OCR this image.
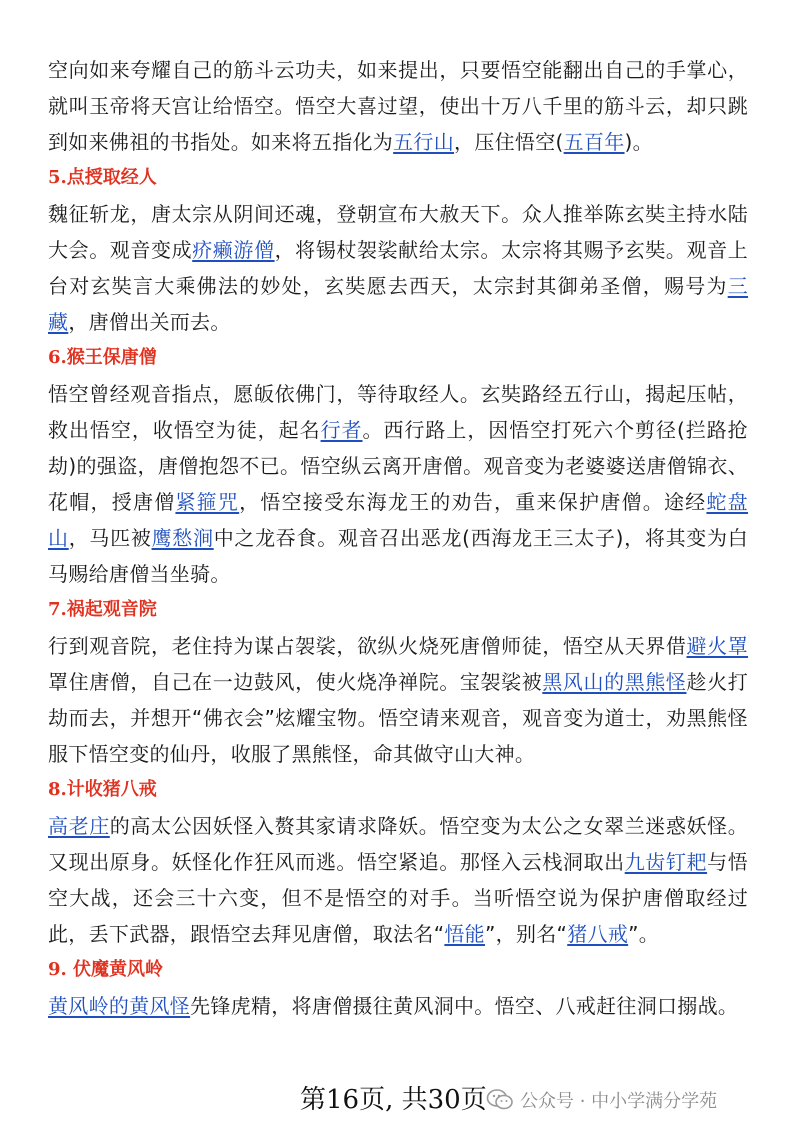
空向如来夸耀自己的筋斗云功夫，如来提出，只要悟空能翻出自己的手掌心，就叫玉帝将天宫让给悟空。悟空大喜过望，使出十万八千里的筋斗云，却只跳到如来佛祖的书指处。如来将五指化为五行山，压住悟空(五百年)。

5.点授取经人

魏征斩龙，唐太宗从阴间还魂，登朝宣布大赦天下。众人推举陈玄奘主持水陆大会。观音变成疥癞游僧，将锡杖袈裟献给太宗。太宗将其赐予玄奘。观音上台对玄奘言大乘佛法的妙处，玄奘愿去西天，太宗封其御弟圣僧，赐号为三藏，唐僧出关而去。

6.猴王保唐僧

悟空曾经观音指点，愿皈依佛门，等待取经人。玄奘路经五行山，揭起压帖，救出悟空，收悟空为徒，起名行者。西行路上，因悟空打死六个剪径(拦路抢劫)的强盗，唐僧抱怨不已。悟空纵云离开唐僧。观音变为老婆婆送唐僧锦衣、花帽，授唐僧紧箍咒，悟空接受东海龙王的劝告，重来保护唐僧。途经蛇盘山，马匹被鹰愁涧中之龙吞食。观音召出恶龙(西海龙王三太子)，将其变为白马赐给唐僧当坐骑。

7.祸起观音院

行到观音院，老住持为谋占袈裟，欲纵火烧死唐僧师徒，悟空从天界借避火罩罩住唐僧，自己在一边鼓风，使火烧净禅院。宝袈裟被黑风山的黑熊怪趁火打劫而去，并想开“佛衣会”炫耀宝物。悟空请来观音，观音变为道士，劝黑熊怪服下悟空变的仙丹，收服了黑熊怪，命其做守山大神。

8.计收猪八戒

高老庄的高太公因妖怪入赘其家请求降妖。悟空变为太公之女翠兰迷惑妖怪。又现出原身。妖怪化作狂风而逃。悟空紧追。那怪入云栈洞取出九齿钉耙与悟空大战，还会三十六变，但不是悟空的对手。当听悟空说为保护唐僧取经过此，丢下武器，跟悟空去拜见唐僧，取法名“悟能”，别名“猪八戒”。

9. 伏魔黄风岭

黄风岭的黄风怪先锋虎精，将唐僧摄往黄风洞中。悟空、八戒赶往洞口搦战。

第16页, 共30页 公众号 · 中小学满分学苑
